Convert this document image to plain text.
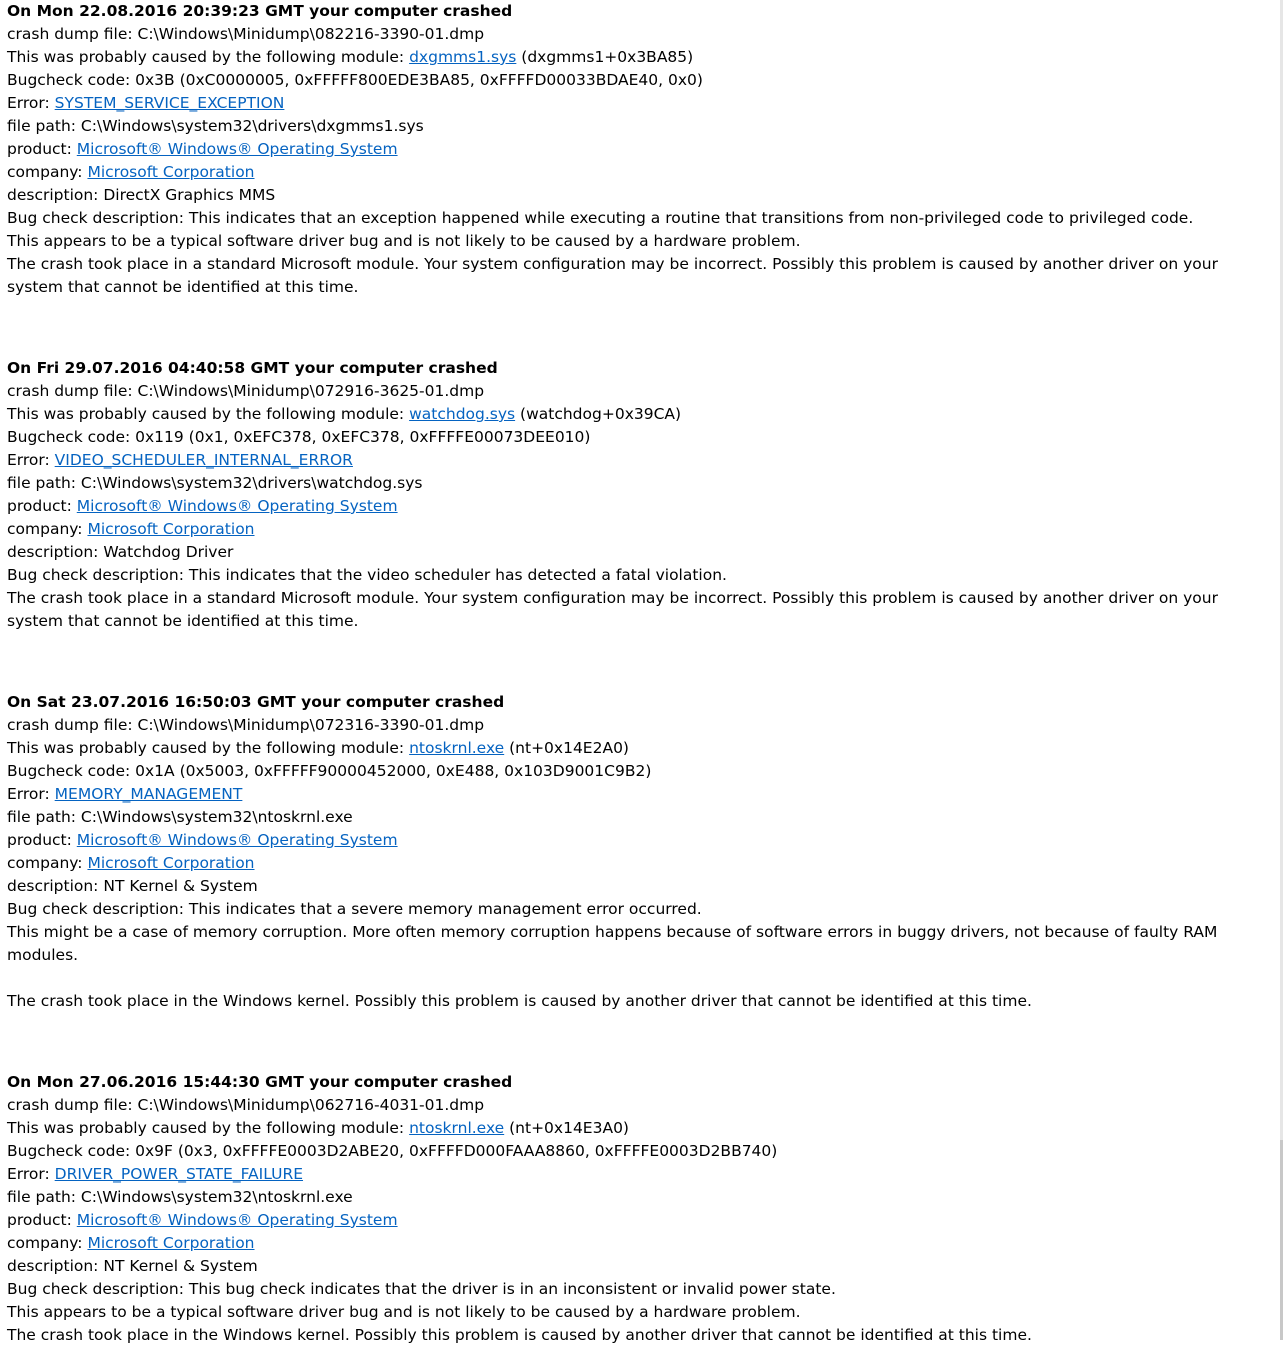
On Mon 22.08.2016 20:39:23 GMT your computer crashed
crash dump file: C:\Windows\Minidump\082216-3390-01.dmp
This was probably caused by the following module: dxgmms1.sys (dxgmms1+0x3BA85)
Bugcheck code: 0x3B (0xC0000005, 0xFFFFF800EDE3BA85, 0xFFFFD00033BDAE40, 0x0)
Error: SYSTEM_SERVICE_EXCEPTION
file path: C:\Windows\system32\drivers\dxgmms1.sys
product: Microsoft® Windows® Operating System
company: Microsoft Corporation
description: DirectX Graphics MMS
Bug check description: This indicates that an exception happened while executing a routine that transitions from non-privileged code to privileged code.
This appears to be a typical software driver bug and is not likely to be caused by a hardware problem.
The crash took place in a standard Microsoft module. Your system configuration may be incorrect. Possibly this problem is caused by another driver on your system that cannot be identified at this time.
On Fri 29.07.2016 04:40:58 GMT your computer crashed
crash dump file: C:\Windows\Minidump\072916-3625-01.dmp
This was probably caused by the following module: watchdog.sys (watchdog+0x39CA)
Bugcheck code: 0x119 (0x1, 0xEFC378, 0xEFC378, 0xFFFFE00073DEE010)
Error: VIDEO_SCHEDULER_INTERNAL_ERROR
file path: C:\Windows\system32\drivers\watchdog.sys
product: Microsoft® Windows® Operating System
company: Microsoft Corporation
description: Watchdog Driver
Bug check description: This indicates that the video scheduler has detected a fatal violation.
The crash took place in a standard Microsoft module. Your system configuration may be incorrect. Possibly this problem is caused by another driver on your system that cannot be identified at this time.
On Sat 23.07.2016 16:50:03 GMT your computer crashed
crash dump file: C:\Windows\Minidump\072316-3390-01.dmp
This was probably caused by the following module: ntoskrnl.exe (nt+0x14E2A0)
Bugcheck code: 0x1A (0x5003, 0xFFFFF90000452000, 0xE488, 0x103D9001C9B2)
Error: MEMORY_MANAGEMENT
file path: C:\Windows\system32\ntoskrnl.exe
product: Microsoft® Windows® Operating System
company: Microsoft Corporation
description: NT Kernel & System
Bug check description: This indicates that a severe memory management error occurred.
This might be a case of memory corruption. More often memory corruption happens because of software errors in buggy drivers, not because of faulty RAM modules.
The crash took place in the Windows kernel. Possibly this problem is caused by another driver that cannot be identified at this time.
On Mon 27.06.2016 15:44:30 GMT your computer crashed
crash dump file: C:\Windows\Minidump\062716-4031-01.dmp
This was probably caused by the following module: ntoskrnl.exe (nt+0x14E3A0)
Bugcheck code: 0x9F (0x3, 0xFFFFE0003D2ABE20, 0xFFFFD000FAAA8860, 0xFFFFE0003D2BB740)
Error: DRIVER_POWER_STATE_FAILURE
file path: C:\Windows\system32\ntoskrnl.exe
product: Microsoft® Windows® Operating System
company: Microsoft Corporation
description: NT Kernel & System
Bug check description: This bug check indicates that the driver is in an inconsistent or invalid power state.
This appears to be a typical software driver bug and is not likely to be caused by a hardware problem.
The crash took place in the Windows kernel. Possibly this problem is caused by another driver that cannot be identified at this time.
